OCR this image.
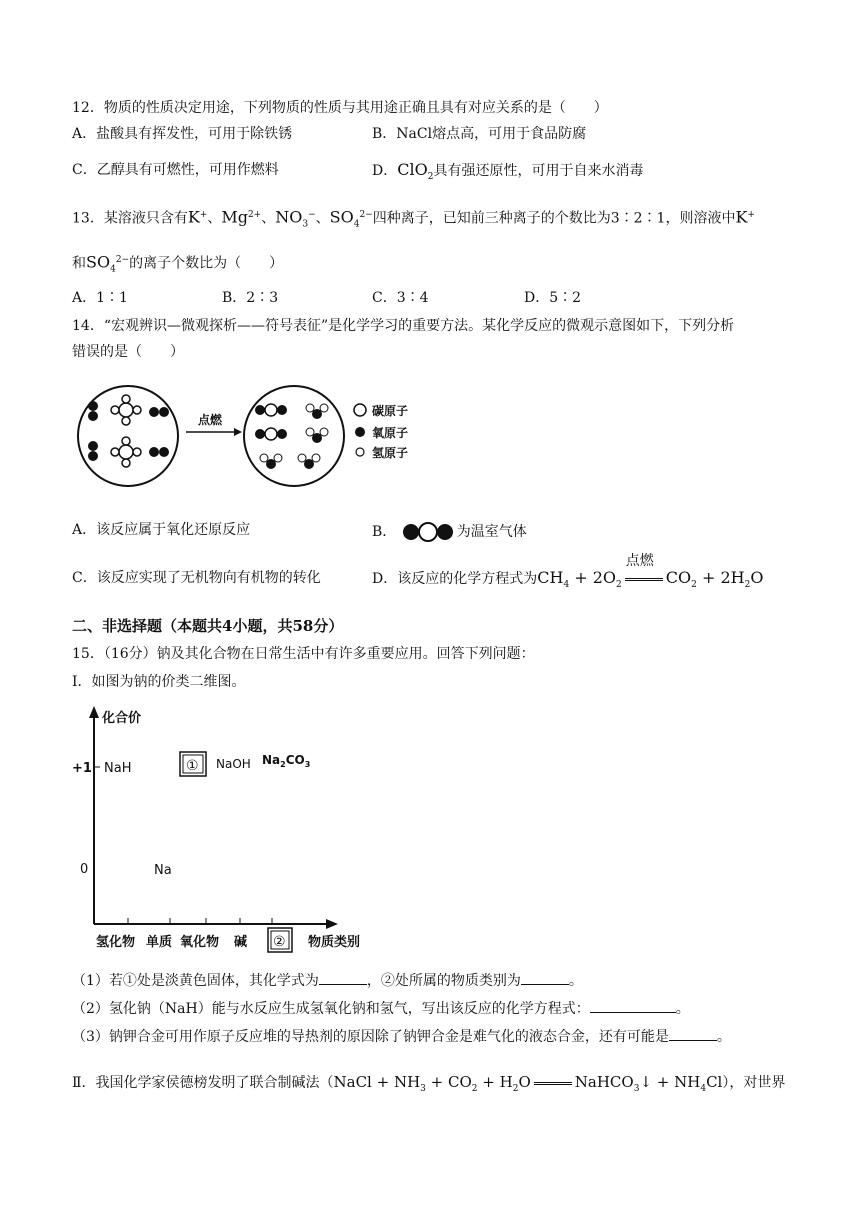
12．物质的性质决定用途，下列物质的性质与其用途正确且具有对应关系的是（　　）
A．盐酸具有挥发性，可用于除铁锈	B．NaCl熔点高，可用于食品防腐
C．乙醇具有可燃性，可用作燃料	D．ClO$_2$具有强还原性，可用于自来水消毒
13．某溶液只含有K+、$Mg^{2+}$、$NO_3^-$、$SO_4^{2-}$四种离子，已知前三种离子的个数比为3∶2∶1，则溶液中K+
和$SO_4^{2-}$的离子个数比为（　　）
A．1∶1	B．2∶3	C．3∶4	D．5∶2
14．“宏观辨识—微观探析——符号表征”是化学学习的重要方法。某化学反应的微观示意图如下，下列分析
错误的是（　　）
点燃
碳原子
氧原子
氢原子
A．该反应属于氧化还原反应	B．	为温室气体
C．该反应实现了无机物向有机物的转化	D．该反应的化学方程式为$CH_4 + 2O_2$
点燃
$CO_2 + 2H_2O$
二、非选择题（本题共4小题，共58分）
15．（16分）钠及其化合物在日常生活中有许多重要应用。回答下列问题：
Ⅰ．如图为钠的价类二维图。
化合价
+1
0
NaH	① NaOH $Na_2CO_3$
Na
氢化物 单质 氧化物 碱 ② 物质类别
（1）若①处是淡黄色固体，其化学式为	，②处所属的物质类别为	。
（2）氢化钠（NaH）能与水反应生成氢氧化钠和氢气，写出该反应的化学方程式：	。
（3）钠钾合金可用作原子反应堆的导热剂的原因除了钠钾合金是难气化的液态合金，还有可能是	。
Ⅱ．我国化学家侯德榜发明了联合制碱法（NaCl + $NH_3 + CO_2 + H_2O$	NaHCO$_3$↓ + $NH_4Cl$），对世界
